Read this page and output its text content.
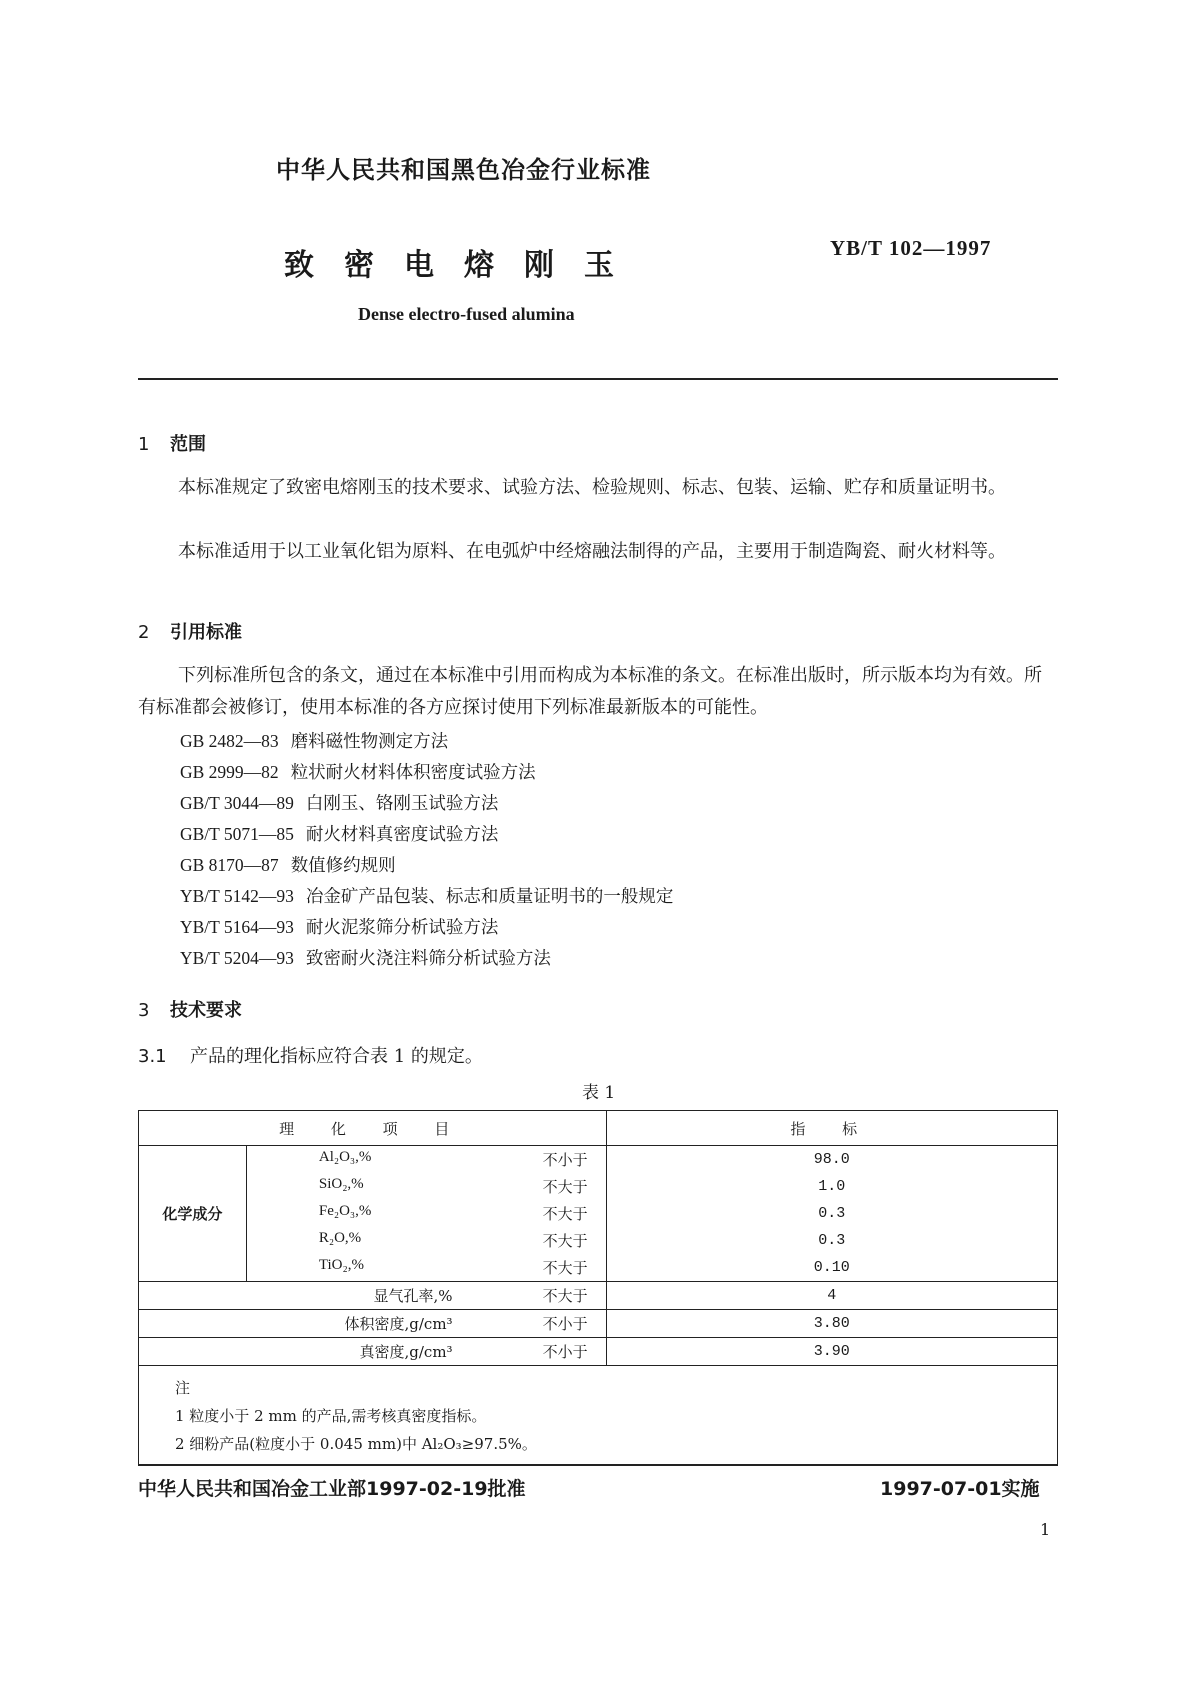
中华人民共和国黑色冶金行业标准
致密电熔刚玉	YB/T 102—1997
Dense electro-fused alumina
1 范围
本标准规定了致密电熔刚玉的技术要求、试验方法、检验规则、标志、包装、运输、贮存和质量证明书。
本标准适用于以工业氧化铝为原料、在电弧炉中经熔融法制得的产品，主要用于制造陶瓷、耐火材料等。
2 引用标准
下列标准所包含的条文，通过在本标准中引用而构成为本标准的条文。在标准出版时，所示版本均为有效。所有标准都会被修订，使用本标准的各方应探讨使用下列标准最新版本的可能性。
GB 2482—83 磨料磁性物测定方法
GB 2999—82 粒状耐火材料体积密度试验方法
GB/T 3044—89 白刚玉、铬刚玉试验方法
GB/T 5071—85 耐火材料真密度试验方法
GB 8170—87 数值修约规则
YB/T 5142—93 冶金矿产品包装、标志和质量证明书的一般规定
YB/T 5164—93 耐火泥浆筛分析试验方法
YB/T 5204—93 致密耐火浇注料筛分析试验方法
3 技术要求
3.1 产品的理化指标应符合表 1 的规定。
表 1
理 化 项 目		指 标
化学成分	Al₂O₃,% 不小于	98.0

	SiO₂,% 不大于	1.0

	Fe₂O₃,% 不大于	0.3

	R₂O,% 不大于	0.3

	TiO₂,% 不大于	0.10

显气孔率,% 不大于		4

体积密度,g/cm³ 不小于		3.80

真密度,g/cm³ 不小于		3.90

注
1 粒度小于 2 mm 的产品,需考核真密度指标。
2 细粉产品(粒度小于 0.045 mm)中 Al₂O₃≥97.5%。		
中华人民共和国冶金工业部1997-02-19批准	1997-07-01实施
1
